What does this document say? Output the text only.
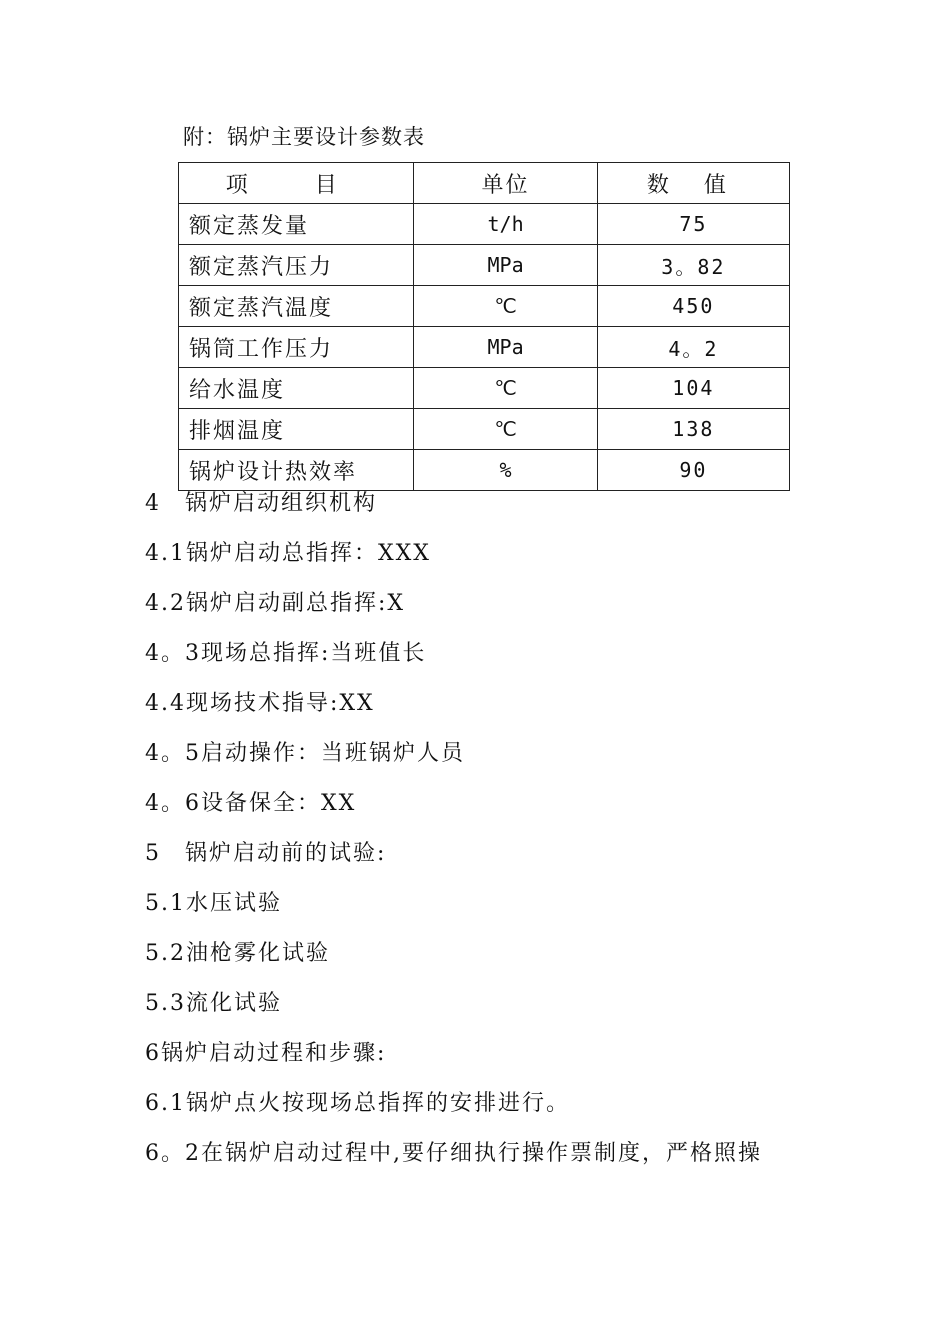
附：锅炉主要设计参数表
项 目	单位	数 值
额定蒸发量	t/h	75
额定蒸汽压力	MPa	3。82
额定蒸汽温度	℃	450
锅筒工作压力	MPa	4。2
给水温度	℃	104
排烟温度	℃	138
锅炉设计热效率	%	90
4　锅炉启动组织机构
4.1锅炉启动总指挥：XXX
4.2锅炉启动副总指挥:X
4。3现场总指挥:当班值长
4.4现场技术指导:XX
4。5启动操作：当班锅炉人员
4。6设备保全：XX
5　锅炉启动前的试验:
5.1水压试验
5.2油枪雾化试验
5.3流化试验
6锅炉启动过程和步骤:
6.1锅炉点火按现场总指挥的安排进行。
6。2在锅炉启动过程中,要仔细执行操作票制度，严格照操
